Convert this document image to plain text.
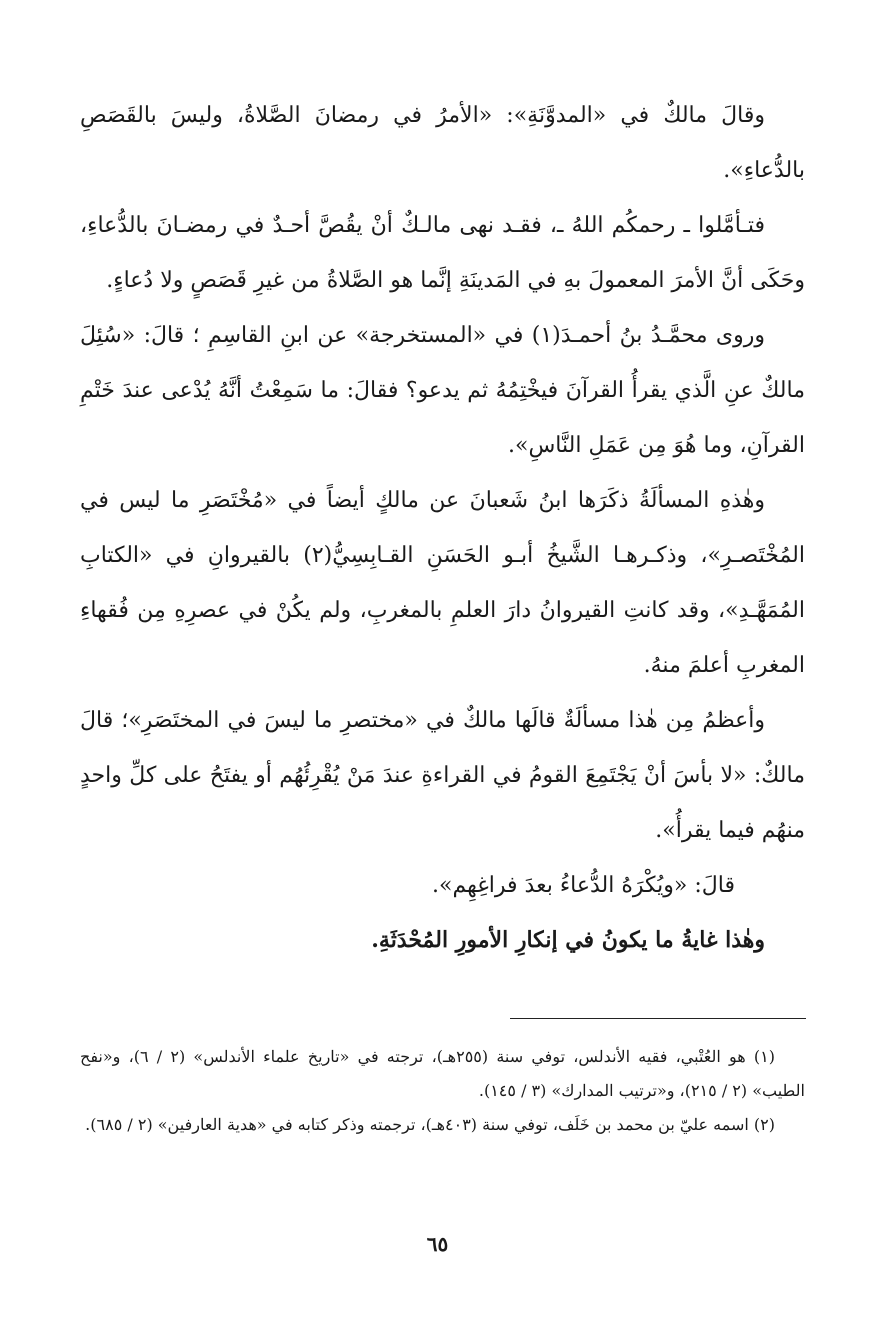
وقالَ مالكٌ في «المدوَّنَةِ»: «الأمرُ في رمضانَ الصَّلاةُ، وليسَ بالقَصَصِ بالدُّعاءِ».

فتـأمَّلوا ـ رحمكُم اللهُ ـ، فقـد نهى مالـكٌ أنْ يقُصَّ أحـدٌ في رمضـانَ بالدُّعاءِ، وحَكَى أنَّ الأمرَ المعمولَ بهِ في المَدينَةِ إنَّما هو الصَّلاةُ من غيرِ قَصَصٍ ولا دُعاءٍ.

وروى محمَّـدُ بنُ أحمـدَ(١) في «المستخرجة» عن ابنِ القاسِمِ ؛ قالَ: «سُئِلَ مالكٌ عنِ الَّذي يقرأُ القرآنَ فيخْتِمُهُ ثم يدعو؟ فقالَ: ما سَمِعْتُ أنَّهُ يُدْعى عندَ خَتْمِ القرآنِ، وما هُوَ مِن عَمَلِ النَّاسِ».

وهٰذهِ المسألَةُ ذكَرَها ابنُ شَعبانَ عن مالكٍ أيضاً في «مُخْتَصَرِ ما ليس في المُخْتَصـرِ»، وذكـرهـا الشَّيخُ أبـو الحَسَنِ القـابِسِيُّ(٢) بالقيروانِ في «الكتابِ المُمَهَّـدِ»، وقد كانتِ القيروانُ دارَ العلمِ بالمغربِ، ولم يكُنْ في عصرِهِ مِن فُقهاءِ المغربِ أعلمَ منهُ.

وأعظمُ مِن هٰذا مسألَةٌ قالَها مالكٌ في «مختصرِ ما ليسَ في المختَصَرِ»؛ قالَ مالكٌ: «لا بأسَ أنْ يَجْتَمِعَ القومُ في القراءةِ عندَ مَنْ يُقْرِئُهُم أو يفتَحُ على كلِّ واحدٍ منهُم فيما يقرأُ».

قالَ: «ويُكْرَهُ الدُّعاءُ بعدَ فراغِهِم».

وهٰذا غايةُ ما يكونُ في إنكارِ الأمورِ المُحْدَثَةِ.

(١) هو العُتْبي، فقيه الأندلس، توفي سنة (٢٥٥هـ)، ترجته في «تاريخ علماء الأندلس» (٢ / ٦)، و«نفح الطيب» (٢ / ٢١٥)، و«ترتيب المدارك» (٣ / ١٤٥).

(٢) اسمه عليّ بن محمد بن خَلَف، توفي سنة (٤٠٣هـ)، ترجمته وذكر كتابه في «هدية العارفين» (٢ / ٦٨٥).

٦٥
